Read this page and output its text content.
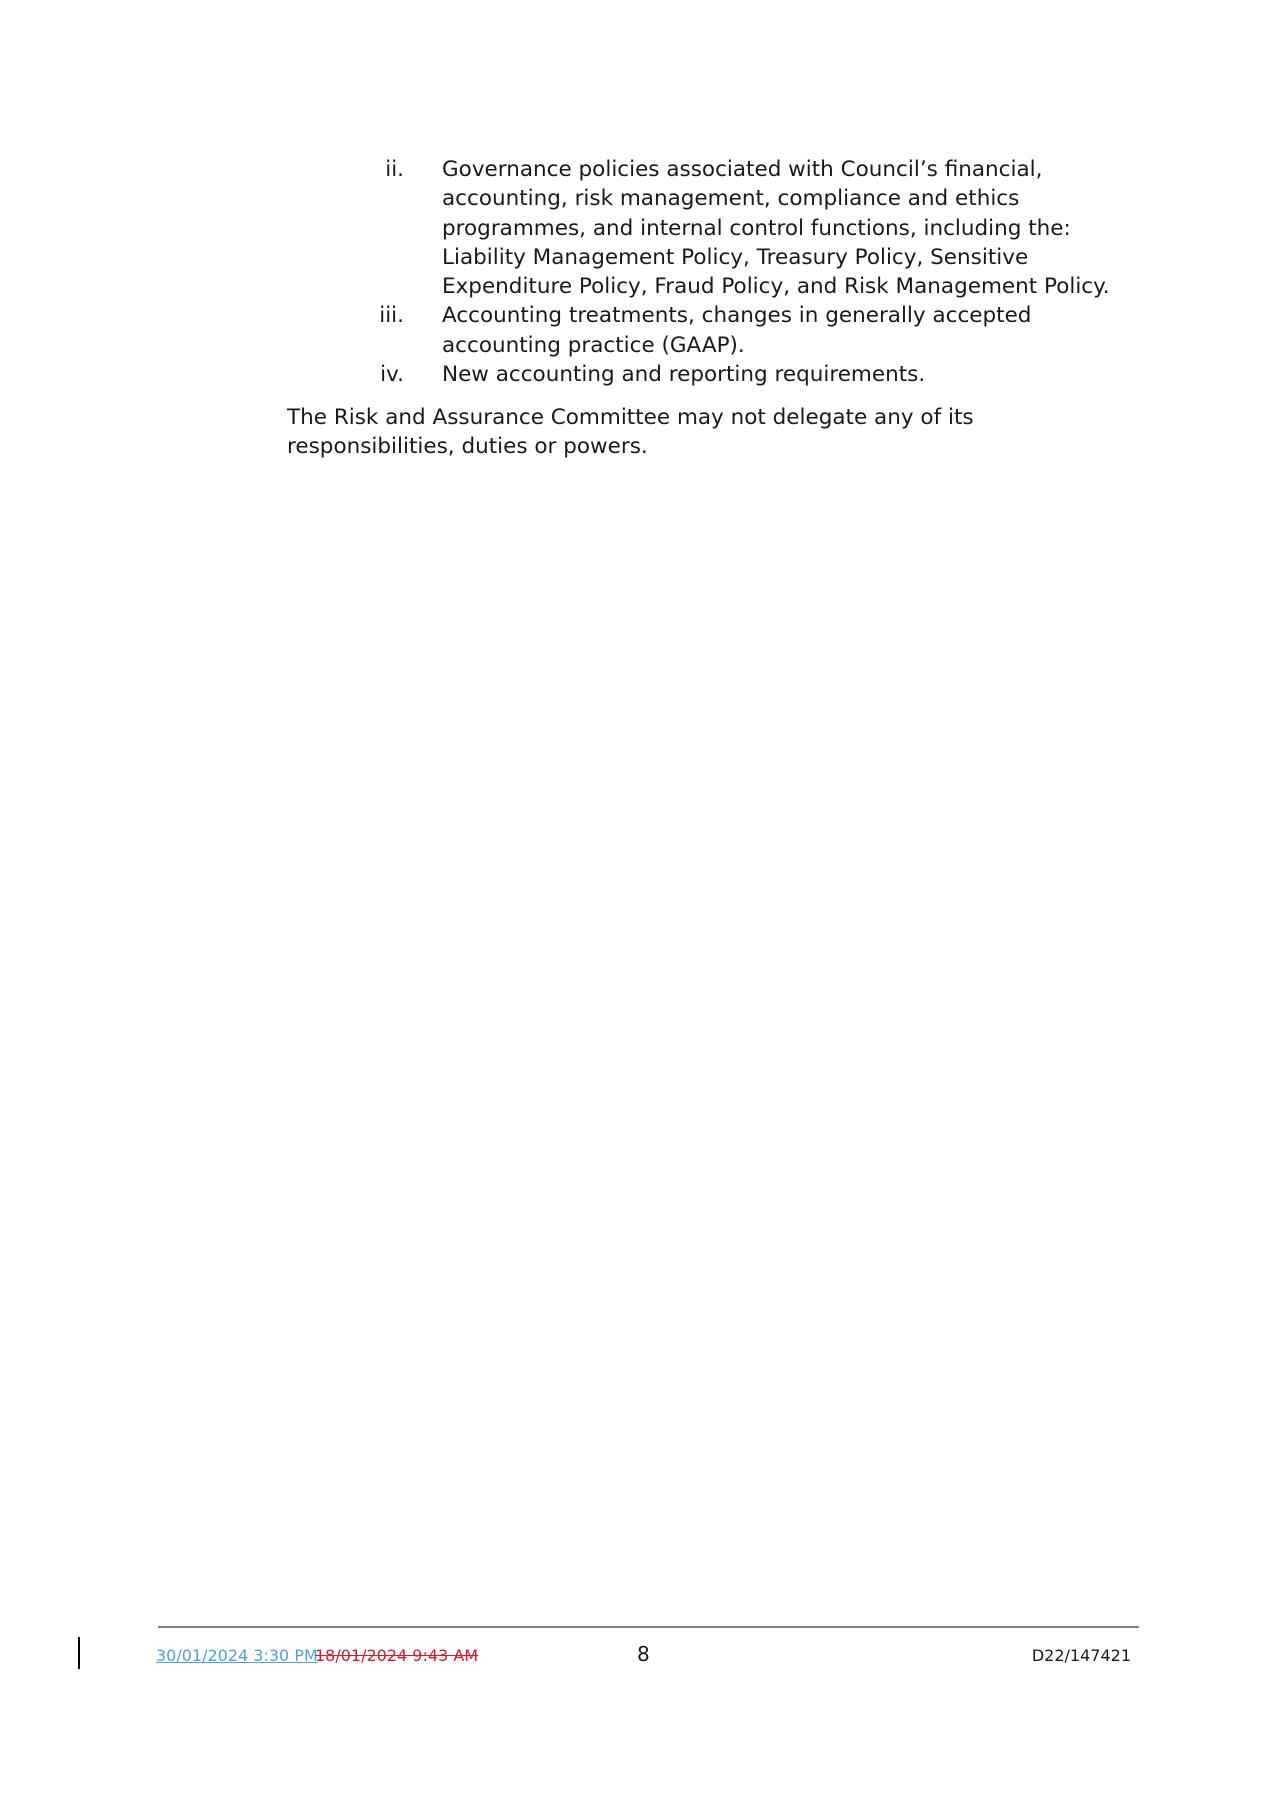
ii. Governance policies associated with Council’s financial, accounting, risk management, compliance and ethics programmes, and internal control functions, including the: Liability Management Policy, Treasury Policy, Sensitive Expenditure Policy, Fraud Policy, and Risk Management Policy.
iii. Accounting treatments, changes in generally accepted accounting practice (GAAP).
iv. New accounting and reporting requirements.

The Risk and Assurance Committee may not delegate any of its responsibilities, duties or powers.

30/01/2024 3:30 PM
18/01/2024 9:43 AM	8	D22/147421
